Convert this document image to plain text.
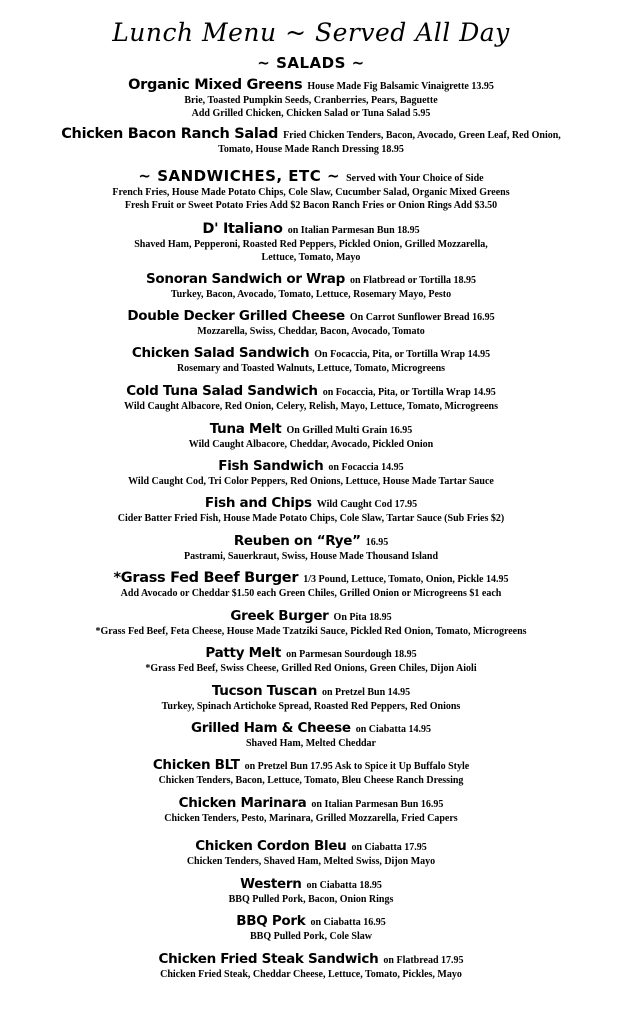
Lunch Menu ~ Served All Day
~ SALADS ~
Organic Mixed Greens House Made Fig Balsamic Vinaigrette 13.95
Brie, Toasted Pumpkin Seeds, Cranberries, Pears, Baguette
Add Grilled Chicken, Chicken Salad or Tuna Salad 5.95
Chicken Bacon Ranch Salad Fried Chicken Tenders, Bacon, Avocado, Green Leaf, Red Onion,
Tomato, House Made Ranch Dressing 18.95
~ SANDWICHES, ETC ~ Served with Your Choice of Side
French Fries, House Made Potato Chips, Cole Slaw, Cucumber Salad, Organic Mixed Greens
Fresh Fruit or Sweet Potato Fries Add $2 Bacon Ranch Fries or Onion Rings Add $3.50
D' Italiano on Italian Parmesan Bun 18.95
Shaved Ham, Pepperoni, Roasted Red Peppers, Pickled Onion, Grilled Mozzarella,
Lettuce, Tomato, Mayo
Sonoran Sandwich or Wrap on Flatbread or Tortilla 18.95
Turkey, Bacon, Avocado, Tomato, Lettuce, Rosemary Mayo, Pesto
Double Decker Grilled Cheese On Carrot Sunflower Bread 16.95
Mozzarella, Swiss, Cheddar, Bacon, Avocado, Tomato
Chicken Salad Sandwich On Focaccia, Pita, or Tortilla Wrap 14.95
Rosemary and Toasted Walnuts, Lettuce, Tomato, Microgreens
Cold Tuna Salad Sandwich on Focaccia, Pita, or Tortilla Wrap 14.95
Wild Caught Albacore, Red Onion, Celery, Relish, Mayo, Lettuce, Tomato, Microgreens
Tuna Melt On Grilled Multi Grain 16.95
Wild Caught Albacore, Cheddar, Avocado, Pickled Onion
Fish Sandwich on Focaccia 14.95
Wild Caught Cod, Tri Color Peppers, Red Onions, Lettuce, House Made Tartar Sauce
Fish and Chips Wild Caught Cod 17.95
Cider Batter Fried Fish, House Made Potato Chips, Cole Slaw, Tartar Sauce (Sub Fries $2)
Reuben on “Rye” 16.95
Pastrami, Sauerkraut, Swiss, House Made Thousand Island
*Grass Fed Beef Burger 1/3 Pound, Lettuce, Tomato, Onion, Pickle 14.95
Add Avocado or Cheddar $1.50 each Green Chiles, Grilled Onion or Microgreens $1 each
Greek Burger On Pita 18.95
*Grass Fed Beef, Feta Cheese, House Made Tzatziki Sauce, Pickled Red Onion, Tomato, Microgreens
Patty Melt on Parmesan Sourdough 18.95
*Grass Fed Beef, Swiss Cheese, Grilled Red Onions, Green Chiles, Dijon Aioli
Tucson Tuscan on Pretzel Bun 14.95
Turkey, Spinach Artichoke Spread, Roasted Red Peppers, Red Onions
Grilled Ham & Cheese on Ciabatta 14.95
Shaved Ham, Melted Cheddar
Chicken BLT on Pretzel Bun 17.95 Ask to Spice it Up Buffalo Style
Chicken Tenders, Bacon, Lettuce, Tomato, Bleu Cheese Ranch Dressing
Chicken Marinara on Italian Parmesan Bun 16.95
Chicken Tenders, Pesto, Marinara, Grilled Mozzarella, Fried Capers
Chicken Cordon Bleu on Ciabatta 17.95
Chicken Tenders, Shaved Ham, Melted Swiss, Dijon Mayo
Western on Ciabatta 18.95
BBQ Pulled Pork, Bacon, Onion Rings
BBQ Pork on Ciabatta 16.95
BBQ Pulled Pork, Cole Slaw
Chicken Fried Steak Sandwich on Flatbread 17.95
Chicken Fried Steak, Cheddar Cheese, Lettuce, Tomato, Pickles, Mayo
